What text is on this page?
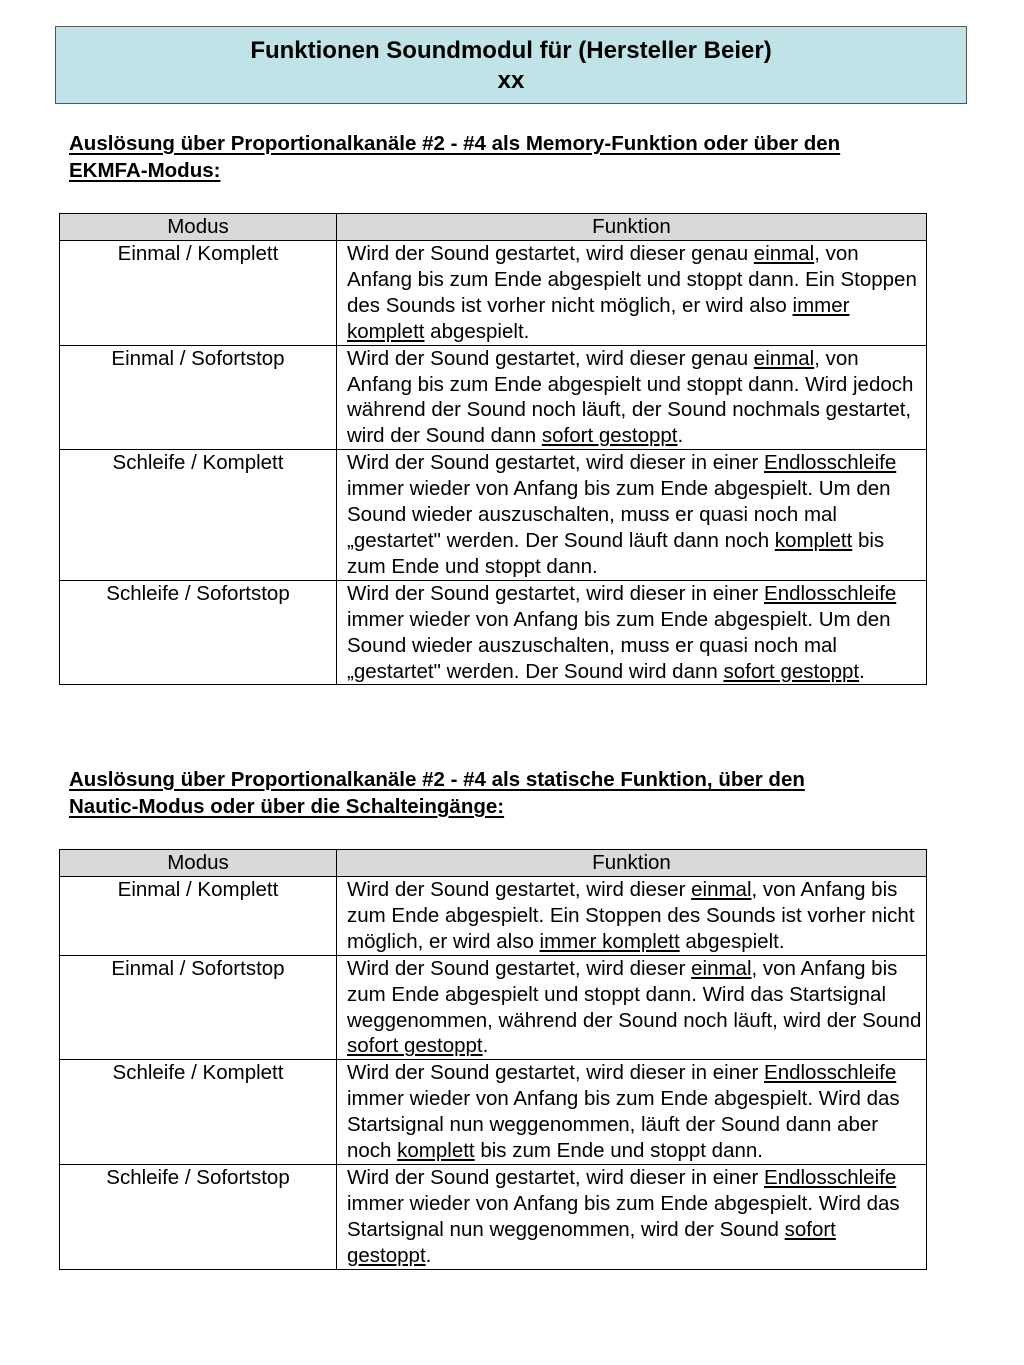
Funktionen Soundmodul für (Hersteller Beier)
xx
Auslösung über Proportionalkanäle #2 - #4 als Memory-Funktion oder über den
EKMFA-Modus:
Modus	Funktion
Einmal / Komplett	Wird der Sound gestartet, wird dieser genau einmal, von Anfang bis zum Ende abgespielt und stoppt dann. Ein Stoppen des Sounds ist vorher nicht möglich, er wird also immer komplett abgespielt.
Einmal / Sofortstop	Wird der Sound gestartet, wird dieser genau einmal, von Anfang bis zum Ende abgespielt und stoppt dann. Wird jedoch während der Sound noch läuft, der Sound nochmals gestartet, wird der Sound dann sofort gestoppt.
Schleife / Komplett	Wird der Sound gestartet, wird dieser in einer Endlosschleife immer wieder von Anfang bis zum Ende abgespielt. Um den Sound wieder auszuschalten, muss er quasi noch mal „gestartet" werden. Der Sound läuft dann noch komplett bis zum Ende und stoppt dann.
Schleife / Sofortstop	Wird der Sound gestartet, wird dieser in einer Endlosschleife immer wieder von Anfang bis zum Ende abgespielt. Um den Sound wieder auszuschalten, muss er quasi noch mal „gestartet" werden. Der Sound wird dann sofort gestoppt.
Auslösung über Proportionalkanäle #2 - #4 als statische Funktion, über den
Nautic-Modus oder über die Schalteingänge:
Modus	Funktion
Einmal / Komplett	Wird der Sound gestartet, wird dieser einmal, von Anfang bis zum Ende abgespielt. Ein Stoppen des Sounds ist vorher nicht möglich, er wird also immer komplett abgespielt.
Einmal / Sofortstop	Wird der Sound gestartet, wird dieser einmal, von Anfang bis zum Ende abgespielt und stoppt dann. Wird das Startsignal weggenommen, während der Sound noch läuft, wird der Sound sofort gestoppt.
Schleife / Komplett	Wird der Sound gestartet, wird dieser in einer Endlosschleife immer wieder von Anfang bis zum Ende abgespielt. Wird das Startsignal nun weggenommen, läuft der Sound dann aber noch komplett bis zum Ende und stoppt dann.
Schleife / Sofortstop	Wird der Sound gestartet, wird dieser in einer Endlosschleife immer wieder von Anfang bis zum Ende abgespielt. Wird das Startsignal nun weggenommen, wird der Sound sofort gestoppt.
